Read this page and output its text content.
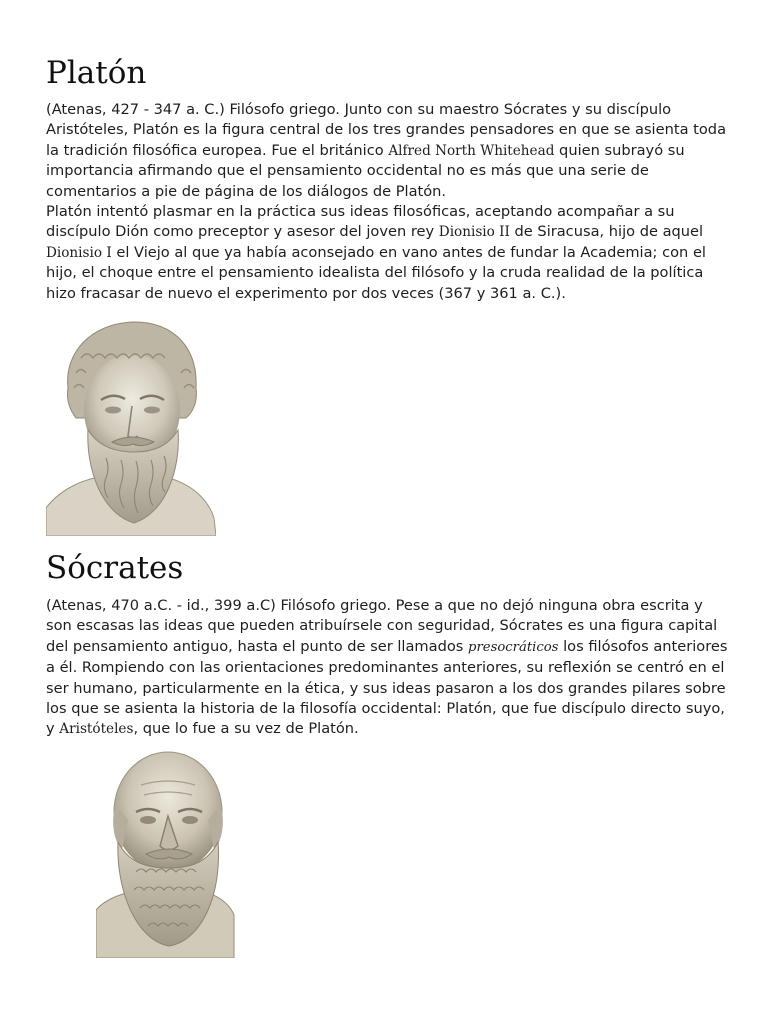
Platón

(Atenas, 427 - 347 a. C.) Filósofo griego. Junto con su maestro Sócrates y su discípulo Aristóteles, Platón es la figura central de los tres grandes pensadores en que se asienta toda la tradición filosófica europea. Fue el británico Alfred North Whitehead quien subrayó su importancia afirmando que el pensamiento occidental no es más que una serie de comentarios a pie de página de los diálogos de Platón.
Platón intentó plasmar en la práctica sus ideas filosóficas, aceptando acompañar a su discípulo Dión como preceptor y asesor del joven rey Dionisio II de Siracusa, hijo de aquel Dionisio I el Viejo al que ya había aconsejado en vano antes de fundar la Academia; con el hijo, el choque entre el pensamiento idealista del filósofo y la cruda realidad de la política hizo fracasar de nuevo el experimento por dos veces (367 y 361 a. C.).

Sócrates

(Atenas, 470 a.C. - id., 399 a.C) Filósofo griego. Pese a que no dejó ninguna obra escrita y son escasas las ideas que pueden atribuírsele con seguridad, Sócrates es una figura capital del pensamiento antiguo, hasta el punto de ser llamados presocráticos los filósofos anteriores a él. Rompiendo con las orientaciones predominantes anteriores, su reflexión se centró en el ser humano, particularmente en la ética, y sus ideas pasaron a los dos grandes pilares sobre los que se asienta la historia de la filosofía occidental: Platón, que fue discípulo directo suyo, y Aristóteles, que lo fue a su vez de Platón.
